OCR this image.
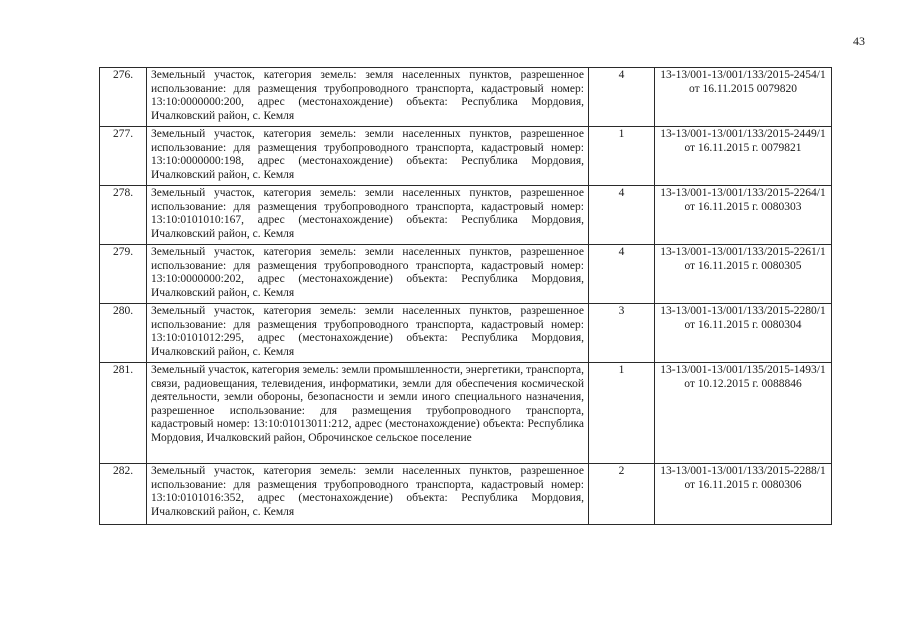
43
276.	Земельный участок, категория земель: земля населенных пунктов, разрешенное использование: для размещения трубопроводного транспорта, кадастровый номер: 13:10:0000000:200, адрес (местонахождение) объекта: Республика Мордовия, Ичалковский район, с. Кемля	4	13-13/001-13/001/133/2015-2454/1 от 16.11.2015 0079820
277.	Земельный участок, категория земель: земли населенных пунктов, разрешенное использование: для размещения трубопроводного транспорта, кадастровый номер: 13:10:0000000:198, адрес (местонахождение) объекта: Республика Мордовия, Ичалковский район, с. Кемля	1	13-13/001-13/001/133/2015-2449/1 от 16.11.2015 г. 0079821
278.	Земельный участок, категория земель: земли населенных пунктов, разрешенное использование: для размещения трубопроводного транспорта, кадастровый номер: 13:10:0101010:167, адрес (местонахождение) объекта: Республика Мордовия, Ичалковский район, с. Кемля	4	13-13/001-13/001/133/2015-2264/1 от 16.11.2015 г. 0080303
279.	Земельный участок, категория земель: земли населенных пунктов, разрешенное использование: для размещения трубопроводного транспорта, кадастровый номер: 13:10:0000000:202, адрес (местонахождение) объекта: Республика Мордовия, Ичалковский район, с. Кемля	4	13-13/001-13/001/133/2015-2261/1 от 16.11.2015 г. 0080305
280.	Земельный участок, категория земель: земли населенных пунктов, разрешенное использование: для размещения трубопроводного транспорта, кадастровый номер: 13:10:0101012:295, адрес (местонахождение) объекта: Республика Мордовия, Ичалковский район, с. Кемля	3	13-13/001-13/001/133/2015-2280/1 от 16.11.2015 г. 0080304
281.	Земельный участок, категория земель: земли промышленности, энергетики, транспорта, связи, радиовещания, телевидения, информатики, земли для обеспечения космической деятельности, земли обороны, безопасности и земли иного специального назначения, разрешенное использование: для размещения трубопроводного транспорта, кадастровый номер: 13:10:01013011:212, адрес (местонахождение) объекта: Республика Мордовия, Ичалковский район, Оброчинское сельское поселение	1	13-13/001-13/001/135/2015-1493/1 от 10.12.2015 г. 0088846
282.	Земельный участок, категория земель: земли населенных пунктов, разрешенное использование: для размещения трубопроводного транспорта, кадастровый номер: 13:10:0101016:352, адрес (местонахождение) объекта: Республика Мордовия, Ичалковский район, с. Кемля	2	13-13/001-13/001/133/2015-2288/1 от 16.11.2015 г. 0080306
